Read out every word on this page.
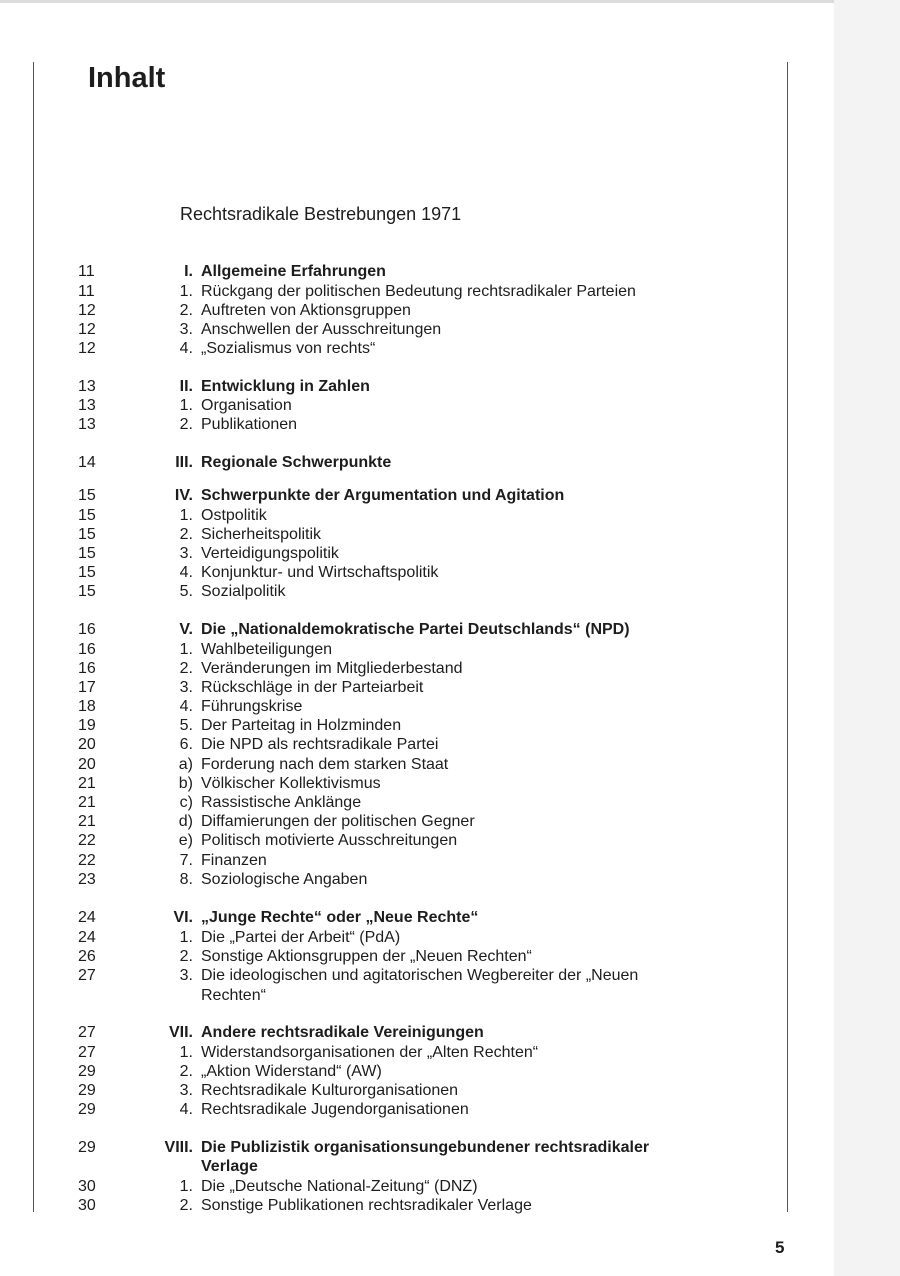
Inhalt
Rechtsradikale Bestrebungen 1971
11	I. Allgemeine Erfahrungen
11	1. Rückgang der politischen Bedeutung rechtsradikaler Parteien
12	2. Auftreten von Aktionsgruppen
12	3. Anschwellen der Ausschreitungen
12	4. „Sozialismus von rechts“
13	II. Entwicklung in Zahlen
13	1. Organisation
13	2. Publikationen
14	III. Regionale Schwerpunkte
15	IV. Schwerpunkte der Argumentation und Agitation
15	1. Ostpolitik
15	2. Sicherheitspolitik
15	3. Verteidigungspolitik
15	4. Konjunktur- und Wirtschaftspolitik
15	5. Sozialpolitik
16	V. Die „Nationaldemokratische Partei Deutschlands“ (NPD)
16	1. Wahlbeteiligungen
16	2. Veränderungen im Mitgliederbestand
17	3. Rückschläge in der Parteiarbeit
18	4. Führungskrise
19	5. Der Parteitag in Holzminden
20	6. Die NPD als rechtsradikale Partei
20	a) Forderung nach dem starken Staat
21	b) Völkischer Kollektivismus
21	c) Rassistische Anklänge
21	d) Diffamierungen der politischen Gegner
22	e) Politisch motivierte Ausschreitungen
22	7. Finanzen
23	8. Soziologische Angaben
24	VI. „Junge Rechte“ oder „Neue Rechte“
24	1. Die „Partei der Arbeit“ (PdA)
26	2. Sonstige Aktionsgruppen der „Neuen Rechten“
27	3. Die ideologischen und agitatorischen Wegbereiter der „Neuen
Rechten“
27	VII. Andere rechtsradikale Vereinigungen
27	1. Widerstandsorganisationen der „Alten Rechten“
29	2. „Aktion Widerstand“ (AW)
29	3. Rechtsradikale Kulturorganisationen
29	4. Rechtsradikale Jugendorganisationen
29	VIII. Die Publizistik organisationsungebundener rechtsradikaler
Verlage
30	1. Die „Deutsche National-Zeitung“ (DNZ)
30	2. Sonstige Publikationen rechtsradikaler Verlage
5
